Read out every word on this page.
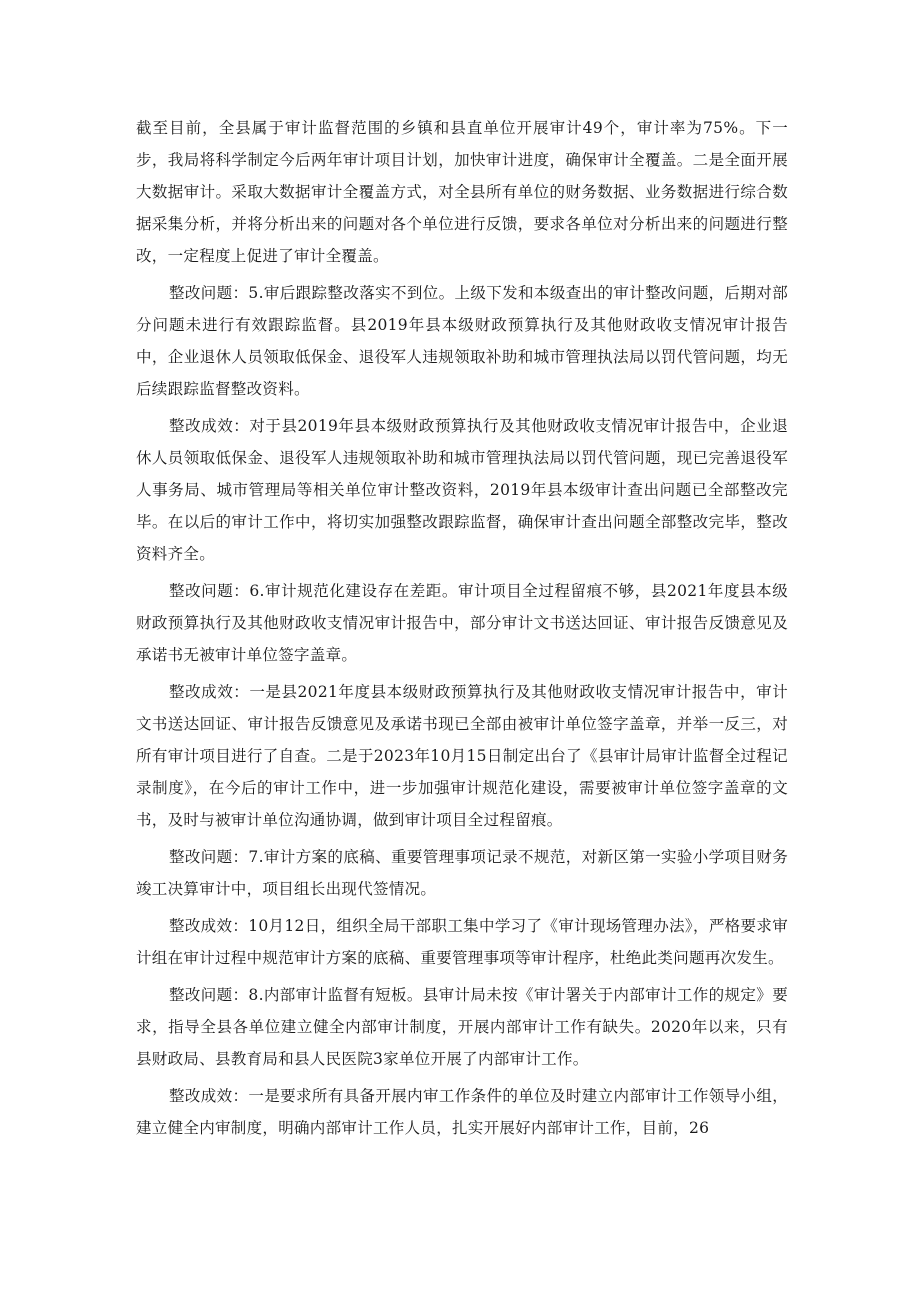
截至目前，全县属于审计监督范围的乡镇和县直单位开展审计49个，审计率为75%。下一步，我局将科学制定今后两年审计项目计划，加快审计进度，确保审计全覆盖。二是全面开展大数据审计。采取大数据审计全覆盖方式，对全县所有单位的财务数据、业务数据进行综合数据采集分析，并将分析出来的问题对各个单位进行反馈，要求各单位对分析出来的问题进行整改，一定程度上促进了审计全覆盖。

整改问题：5.审后跟踪整改落实不到位。上级下发和本级查出的审计整改问题，后期对部分问题未进行有效跟踪监督。县2019年县本级财政预算执行及其他财政收支情况审计报告中，企业退休人员领取低保金、退役军人违规领取补助和城市管理执法局以罚代管问题，均无后续跟踪监督整改资料。

整改成效：对于县2019年县本级财政预算执行及其他财政收支情况审计报告中，企业退休人员领取低保金、退役军人违规领取补助和城市管理执法局以罚代管问题，现已完善退役军人事务局、城市管理局等相关单位审计整改资料，2019年县本级审计查出问题已全部整改完毕。在以后的审计工作中，将切实加强整改跟踪监督，确保审计查出问题全部整改完毕，整改资料齐全。

整改问题：6.审计规范化建设存在差距。审计项目全过程留痕不够，县2021年度县本级财政预算执行及其他财政收支情况审计报告中，部分审计文书送达回证、审计报告反馈意见及承诺书无被审计单位签字盖章。

整改成效：一是县2021年度县本级财政预算执行及其他财政收支情况审计报告中，审计文书送达回证、审计报告反馈意见及承诺书现已全部由被审计单位签字盖章，并举一反三，对所有审计项目进行了自查。二是于2023年10月15日制定出台了《县审计局审计监督全过程记录制度》，在今后的审计工作中，进一步加强审计规范化建设，需要被审计单位签字盖章的文书，及时与被审计单位沟通协调，做到审计项目全过程留痕。

整改问题：7.审计方案的底稿、重要管理事项记录不规范，对新区第一实验小学项目财务竣工决算审计中，项目组长出现代签情况。

整改成效：10月12日，组织全局干部职工集中学习了《审计现场管理办法》，严格要求审计组在审计过程中规范审计方案的底稿、重要管理事项等审计程序，杜绝此类问题再次发生。

整改问题：8.内部审计监督有短板。县审计局未按《审计署关于内部审计工作的规定》要求，指导全县各单位建立健全内部审计制度，开展内部审计工作有缺失。2020年以来，只有县财政局、县教育局和县人民医院3家单位开展了内部审计工作。

整改成效：一是要求所有具备开展内审工作条件的单位及时建立内部审计工作领导小组，建立健全内审制度，明确内部审计工作人员，扎实开展好内部审计工作，目前，26
